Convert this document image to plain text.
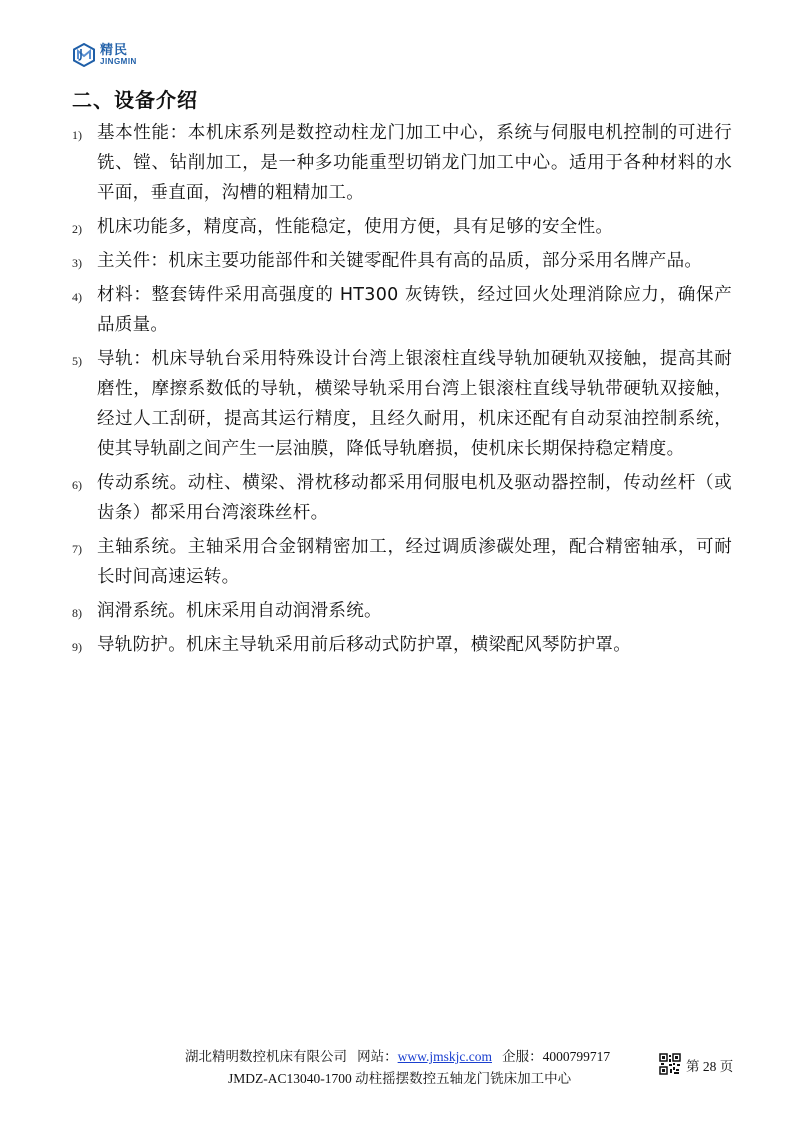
精民
JINGMIN
二、设备介绍
1) 基本性能：本机床系列是数控动柱龙门加工中心，系统与伺服电机控制的可进行铣、镗、钻削加工，是一种多功能重型切销龙门加工中心。适用于各种材料的水平面，垂直面，沟槽的粗精加工。
2) 机床功能多，精度高，性能稳定，使用方便，具有足够的安全性。
3) 主关件：机床主要功能部件和关键零配件具有高的品质，部分采用名牌产品。
4) 材料：整套铸件采用高强度的 HT300 灰铸铁，经过回火处理消除应力，确保产品质量。
5) 导轨：机床导轨台采用特殊设计台湾上银滚柱直线导轨加硬轨双接触，提高其耐磨性，摩擦系数低的导轨，横梁导轨采用台湾上银滚柱直线导轨带硬轨双接触，经过人工刮研，提高其运行精度，且经久耐用，机床还配有自动泵油控制系统，使其导轨副之间产生一层油膜，降低导轨磨损，使机床长期保持稳定精度。
6) 传动系统。动柱、横梁、滑枕移动都采用伺服电机及驱动器控制，传动丝杆（或齿条）都采用台湾滚珠丝杆。
7) 主轴系统。主轴采用合金钢精密加工，经过调质渗碳处理，配合精密轴承，可耐长时间高速运转。
8) 润滑系统。机床采用自动润滑系统。
9) 导轨防护。机床主导轨采用前后移动式防护罩，横梁配风琴防护罩。
湖北精明数控机床有限公司 网站：www.jmskjc.com 企服：4000799717
第 28 页
JMDZ-AC13040-1700 动柱摇摆数控五轴龙门铣床加工中心
